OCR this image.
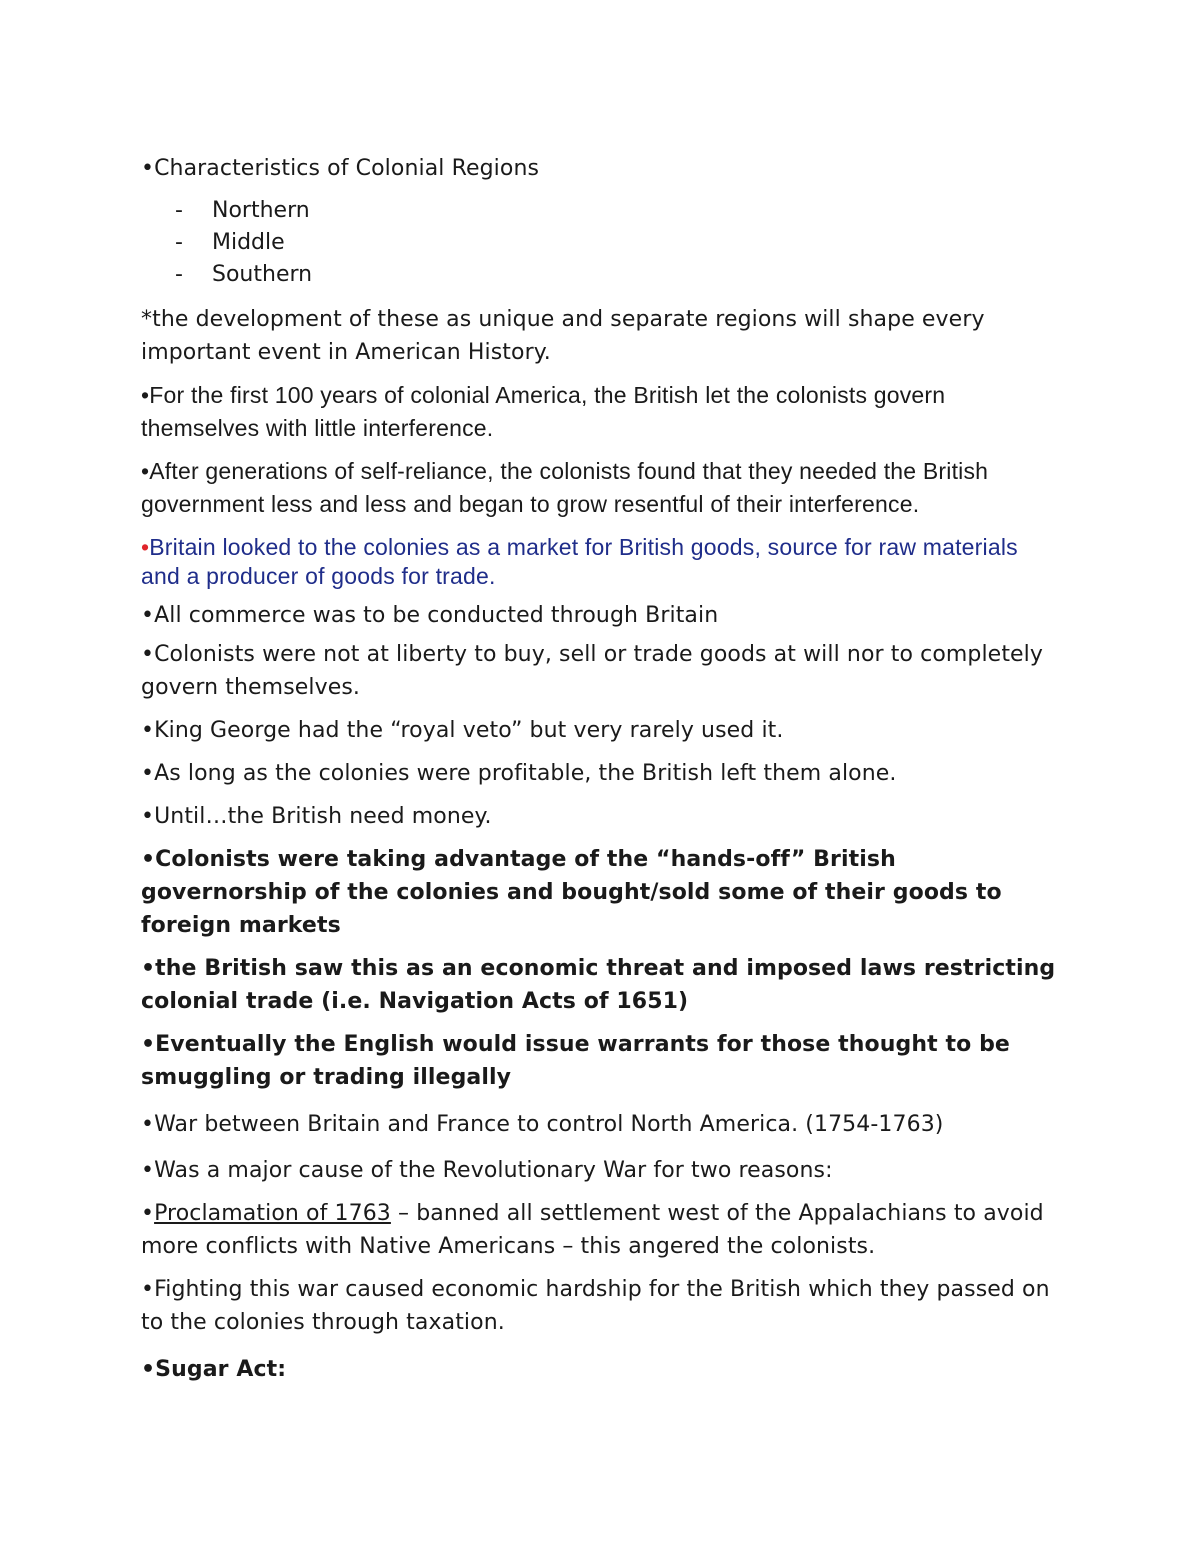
•Characteristics of Colonial Regions

- Northern
- Middle
- Southern

*the development of these as unique and separate regions will shape every important event in American History.

•For the first 100 years of colonial America, the British let the colonists govern themselves with little interference.

•After generations of self-reliance, the colonists found that they needed the British government less and less and began to grow resentful of their interference.

•Britain looked to the colonies as a market for British goods, source for raw materials and a producer of goods for trade.

•All commerce was to be conducted through Britain

•Colonists were not at liberty to buy, sell or trade goods at will nor to completely govern themselves.

•King George had the “royal veto” but very rarely used it.

•As long as the colonies were profitable, the British left them alone.

•Until…the British need money.

•Colonists were taking advantage of the “hands-off” British governorship of the colonies and bought/sold some of their goods to foreign markets

•the British saw this as an economic threat and imposed laws restricting colonial trade (i.e. Navigation Acts of 1651)

•Eventually the English would issue warrants for those thought to be smuggling or trading illegally

•War between Britain and France to control North America. (1754-1763)

•Was a major cause of the Revolutionary War for two reasons:

•Proclamation of 1763 – banned all settlement west of the Appalachians to avoid more conflicts with Native Americans – this angered the colonists.

•Fighting this war caused economic hardship for the British which they passed on to the colonies through taxation.

•Sugar Act:
